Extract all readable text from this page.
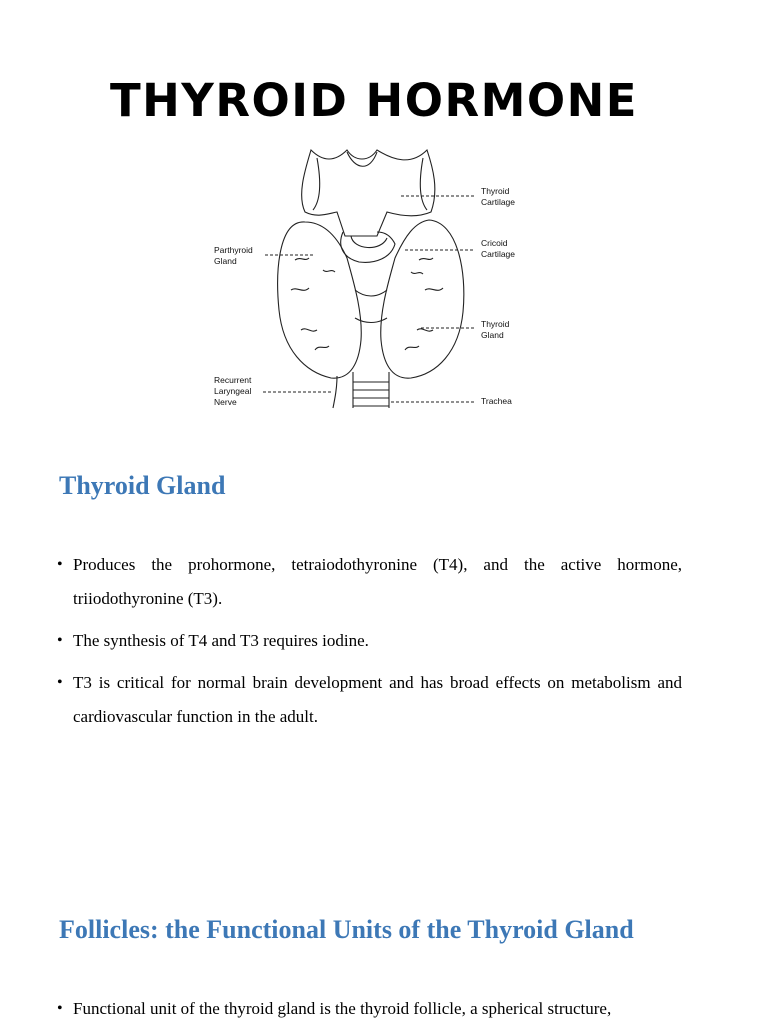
THYROID HORMONE
Thyroid Cartilage
Cricoid Cartilage
Parthyroid Gland
Thyroid Gland
Recurrent Laryngeal Nerve	Trachea
Thyroid Gland
• Produces the prohormone, tetraiodothyronine (T4), and the active hormone, triiodothyronine (T3).
• The synthesis of T4 and T3 requires iodine.
• T3 is critical for normal brain development and has broad effects on metabolism and cardiovascular function in the adult.
Follicles: the Functional Units of the Thyroid Gland
• Functional unit of the thyroid gland is the thyroid follicle, a spherical structure,
